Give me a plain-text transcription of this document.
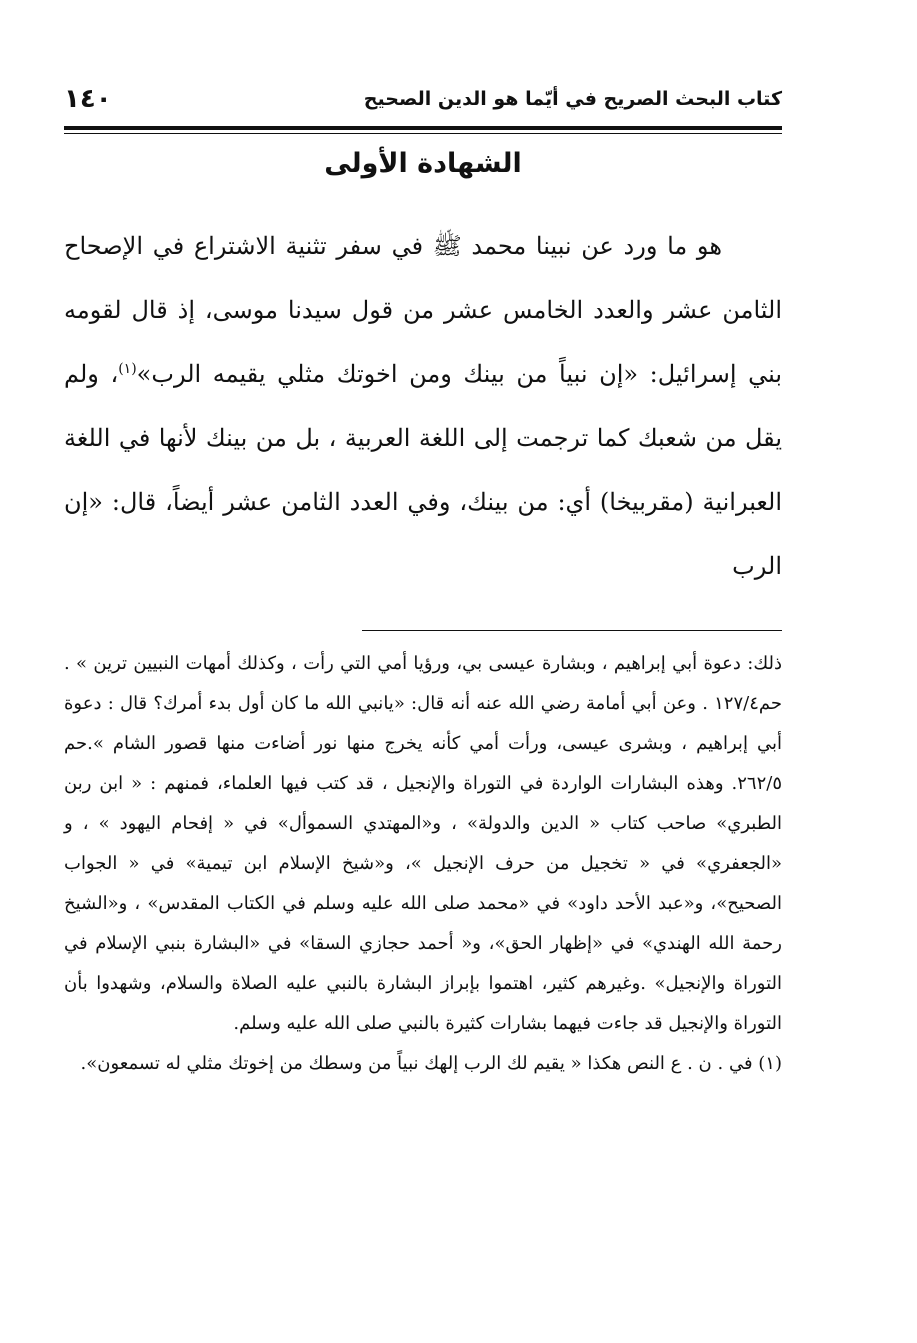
كتاب البحث الصريح في أيّما هو الدين الصحيح
١٤٠
الشهادة الأولى

هو ما ورد عن نبينا محمد ﷺ في سفر تثنية الاشتراع في الإصحاح الثامن عشر والعدد الخامس عشر من قول سيدنا موسى، إذ قال لقومه بني إسرائيل: «إن نبياً من بينك ومن اخوتك مثلي يقيمه الرب»$^{(١)}$، ولم يقل من شعبك كما ترجمت إلى اللغة العربية ، بل من بينك لأنها في اللغة العبرانية (مقربيخا) أي: من بينك، وفي العدد الثامن عشر أيضاً، قال: «إن الرب

ذلك: دعوة أبي إبراهيم ، وبشارة عيسى بي، ورؤيا أمي التي رأت ، وكذلك أمهات النبيين ترين » . حم١٢٧/٤ . وعن أبي أمامة رضي الله عنه أنه قال: «يانبي الله ما كان أول بدء أمرك؟ قال : دعوة أبي إبراهيم ، وبشرى عيسى، ورأت أمي كأنه يخرج منها نور أضاءت منها قصور الشام ».حم ٢٦٢/٥. وهذه البشارات الواردة في التوراة والإنجيل ، قد كتب فيها العلماء، فمنهم : « ابن ربن الطبري» صاحب كتاب « الدين والدولة» ، و«المهتدي السموأل» في « إفحام اليهود » ، و «الجعفري» في « تخجيل من حرف الإنجيل »، و«شيخ الإسلام ابن تيمية» في « الجواب الصحيح»، و«عبد الأحد داود» في «محمد صلى الله عليه وسلم في الكتاب المقدس» ، و«الشيخ رحمة الله الهندي» في «إظهار الحق»، و« أحمد حجازي السقا» في «البشارة بنبي الإسلام في التوراة والإنجيل» .وغيرهم كثير، اهتموا بإبراز البشارة بالنبي عليه الصلاة والسلام، وشهدوا بأن التوراة والإنجيل قد جاءت فيهما بشارات كثيرة بالنبي صلى الله عليه وسلم.

(١) في . ن . ع النص هكذا « يقيم لك الرب إلهك نبياً من وسطك من إخوتك مثلي له تسمعون».
